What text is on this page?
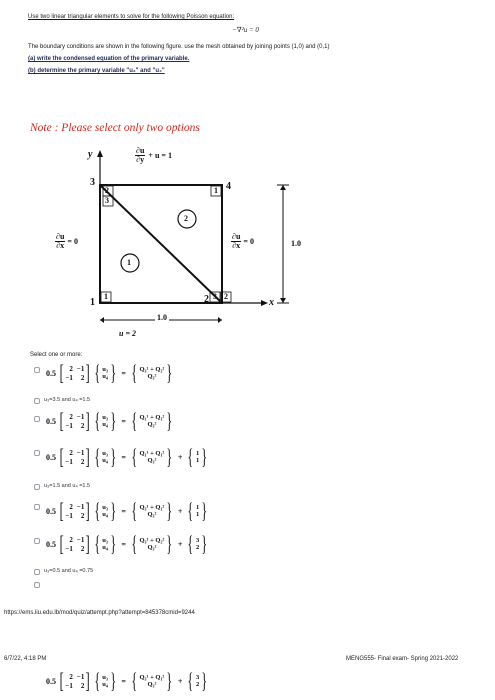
Use two linear triangular elements to solve for the following Poisson equation:
−∇²u = 0
The boundary conditions are shown in the following figure. use the mesh obtained by joining points (1,0) and (0,1)
(a) write the condensed equation of the primary variable.
(b) determine the primary variable "u₃" and "u₄"
Note : Please select only two options
y
x
$\frac{\partial u}{\partial y} + u = 1$
$\frac{\partial u}{\partial x} = 0$	$\frac{\partial u}{\partial x} = 0$
u = 2
1.0
1.0
3	4
1	2
2
3
1
1	3 2
1
2
Select one or more:
0.5 [ 2 −1
−1	2 ] { u₃
u₄ } = { Q₃¹ + Q₂²
Q₃² }
u₃=3.5 and u₄ =1.5
0.5 [ 2 −1
−1	2 ] { u₃
u₄ } = { Q₁¹ + Q₁²
Q₃² }
0.5 [ 2 −1
−1	2 ] { u₃
u₄ } = { Q₁¹ + Q₁²
Q₃² } + { 1
1 }
u₃=1.5 and u₄ =1.5
0.5 [ 2 −1
−1	2 ] { u₃
u₄ } = { Q₃¹ + Q₁²
Q₃² } + { 1
1 }
0.5 [ 2 −1
−1	2 ] { u₃
u₄ } = { Q₃¹ + Q₂²
Q₃² } + { 3
2 }
u₃=0.5 and u₄ =0.75
https://ems.liu.edu.lb/mod/quiz/attempt.php?attempt=845378cmid=9244
6/7/22, 4:18 PM	MENG555- Final exam- Spring 2021-2022
0.5 [ 2 −1
−1	2 ] { u₃
u₄ } = { Q₃¹ + Q₁²
Q₃² } + { 3
2 }
